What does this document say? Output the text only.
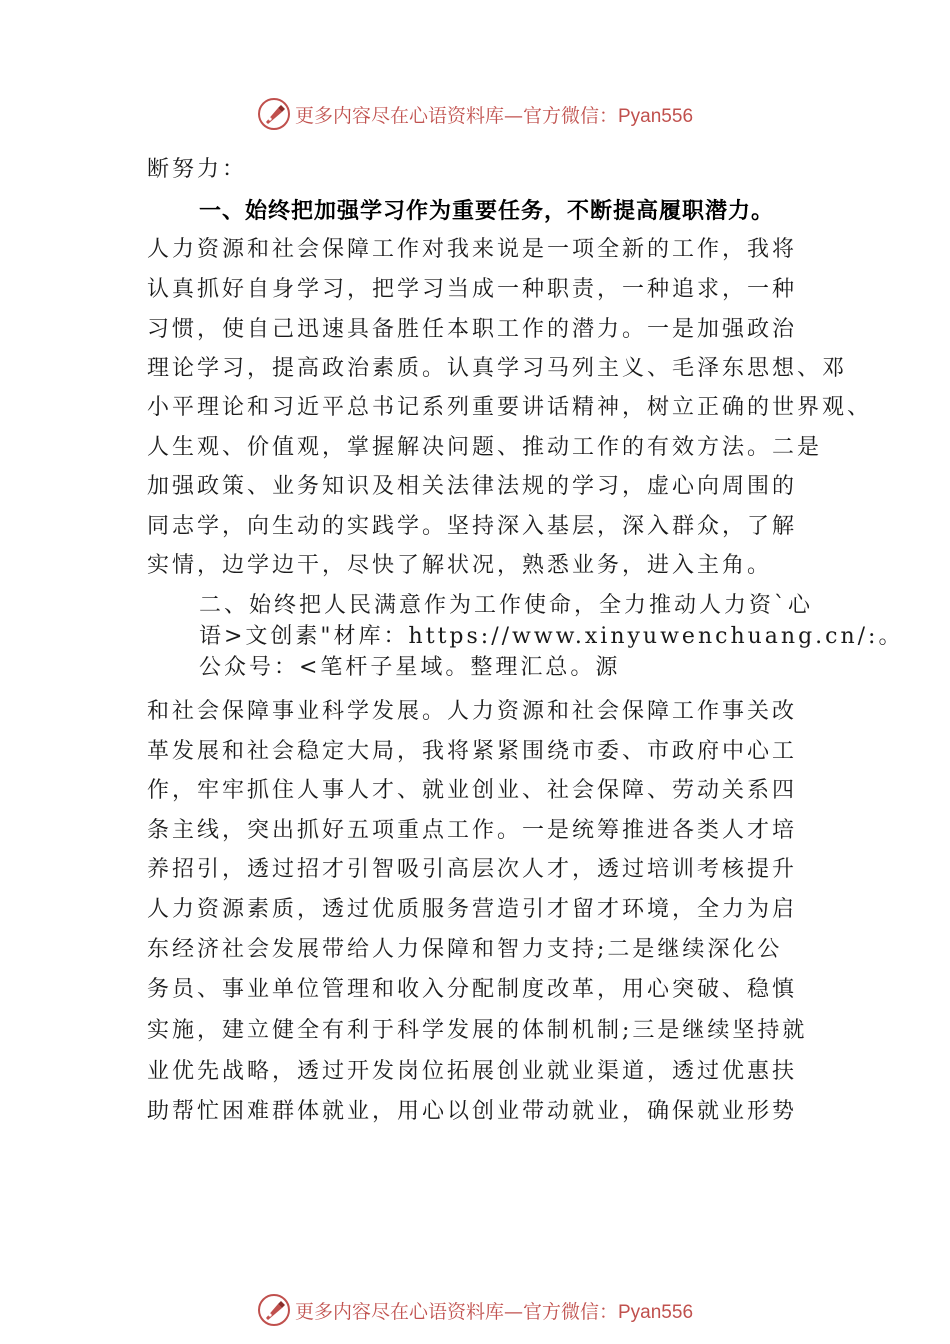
更多内容尽在心语资料库— 官方微信：Pyan556
断努力：
一、始终把加强学习作为重要任务，不断提高履职潜力。
人力资源和社会保障工作对我来说是一项全新的工作，我将
认真抓好自身学习，把学习当成一种职责，一种追求，一种
习惯，使自己迅速具备胜任本职工作的潜力。一是加强政治
理论学习，提高政治素质。认真学习马列主义、毛泽东思想、邓
小平理论和习近平总书记系列重要讲话精神，树立正确的世界观、
人生观、价值观，掌握解决问题、推动工作的有效方法。二是
加强政策、业务知识及相关法律法规的学习，虚心向周围的
同志学，向生动的实践学。坚持深入基层，深入群众，了解
实情，边学边干，尽快了解状况，熟悉业务，进入主角。
二、始终把人民满意作为工作使命，全力推动人力资`心
语>文创素"材库：https://www.xinyuwenchuang.cn/:。
公众号：<笔杆子星域。整理汇总。源
和社会保障事业科学发展。人力资源和社会保障工作事关改
革发展和社会稳定大局，我将紧紧围绕市委、市政府中心工
作，牢牢抓住人事人才、就业创业、社会保障、劳动关系四
条主线，突出抓好五项重点工作。一是统筹推进各类人才培
养招引，透过招才引智吸引高层次人才，透过培训考核提升
人力资源素质，透过优质服务营造引才留才环境，全力为启
东经济社会发展带给人力保障和智力支持;二是继续深化公
务员、事业单位管理和收入分配制度改革，用心突破、稳慎
实施，建立健全有利于科学发展的体制机制;三是继续坚持就
业优先战略，透过开发岗位拓展创业就业渠道，透过优惠扶
助帮忙困难群体就业，用心以创业带动就业，确保就业形势
更多内容尽在心语资料库— 官方微信：Pyan556
